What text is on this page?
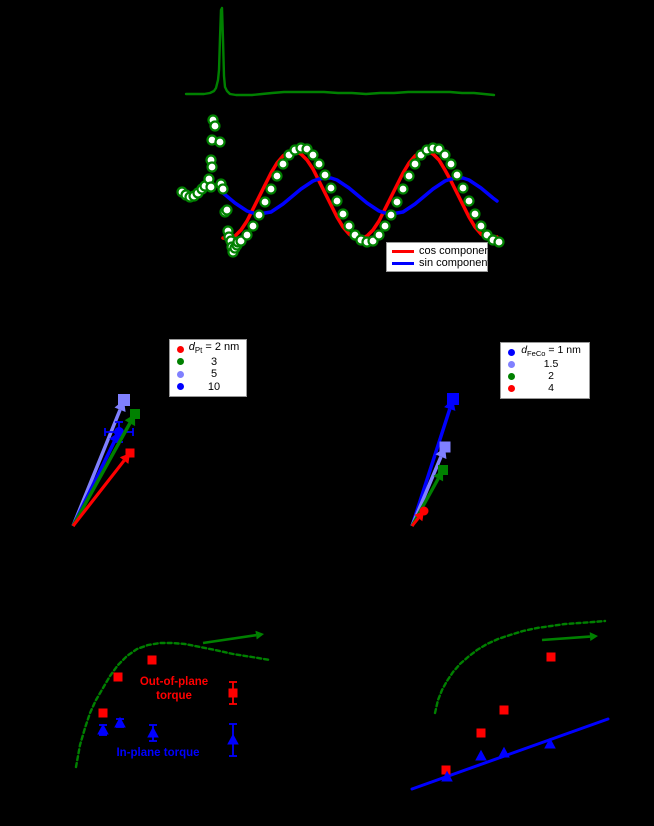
cos component
sin component
$d_{Pt} = 2$ nm
3
5
10
$d_{FeCo} = 1$ nm
1.5
2
4
Out-of-plane
torque
In-plane torque
